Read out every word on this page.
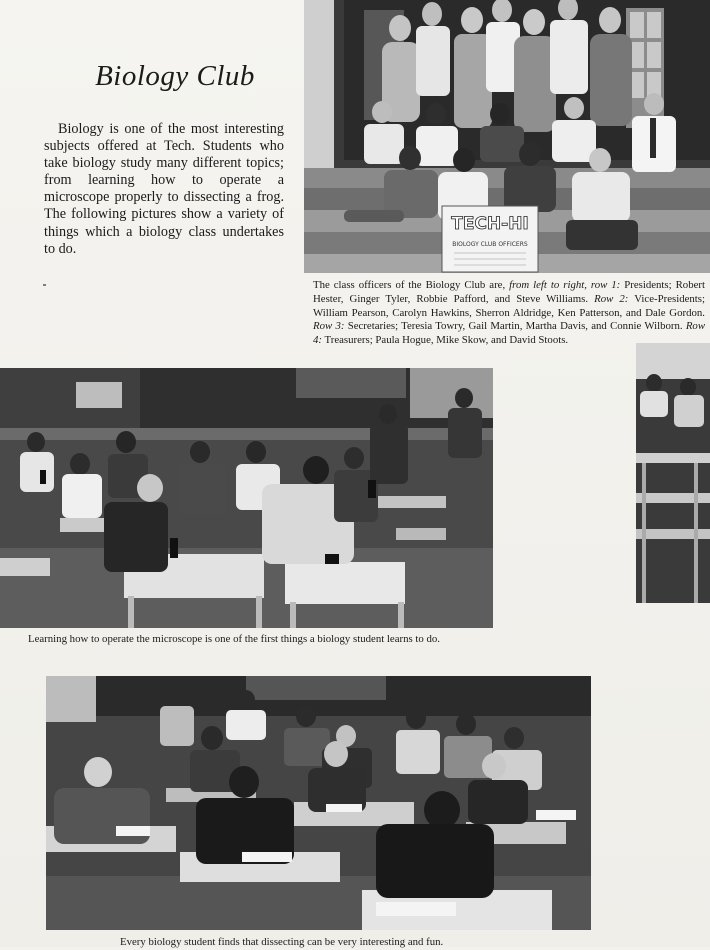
Biology Club
Biology is one of the most interesting subjects offered at Tech. Students who take biology study many different topics; from learning how to operate a microscope properly to dissecting a frog. The following pictures show a variety of things which a biology class undertakes to do.
TECH-HI
BIOLOGY CLUB OFFICERS
The class officers of the Biology Club are, from left to right, row 1: Presidents; Robert Hester, Ginger Tyler, Robbie Pafford, and Steve Williams. Row 2: Vice-Presidents; William Pearson, Carolyn Hawkins, Sherron Aldridge, Ken Patterson, and Dale Gordon. Row 3: Secretaries; Teresia Towry, Gail Martin, Martha Davis, and Connie Wilborn. Row 4: Treasurers; Paula Hogue, Mike Skow, and David Stoots.
Learning how to operate the microscope is one of the first things a biology student learns to do.
Every biology student finds that dissecting can be very interesting and fun.
